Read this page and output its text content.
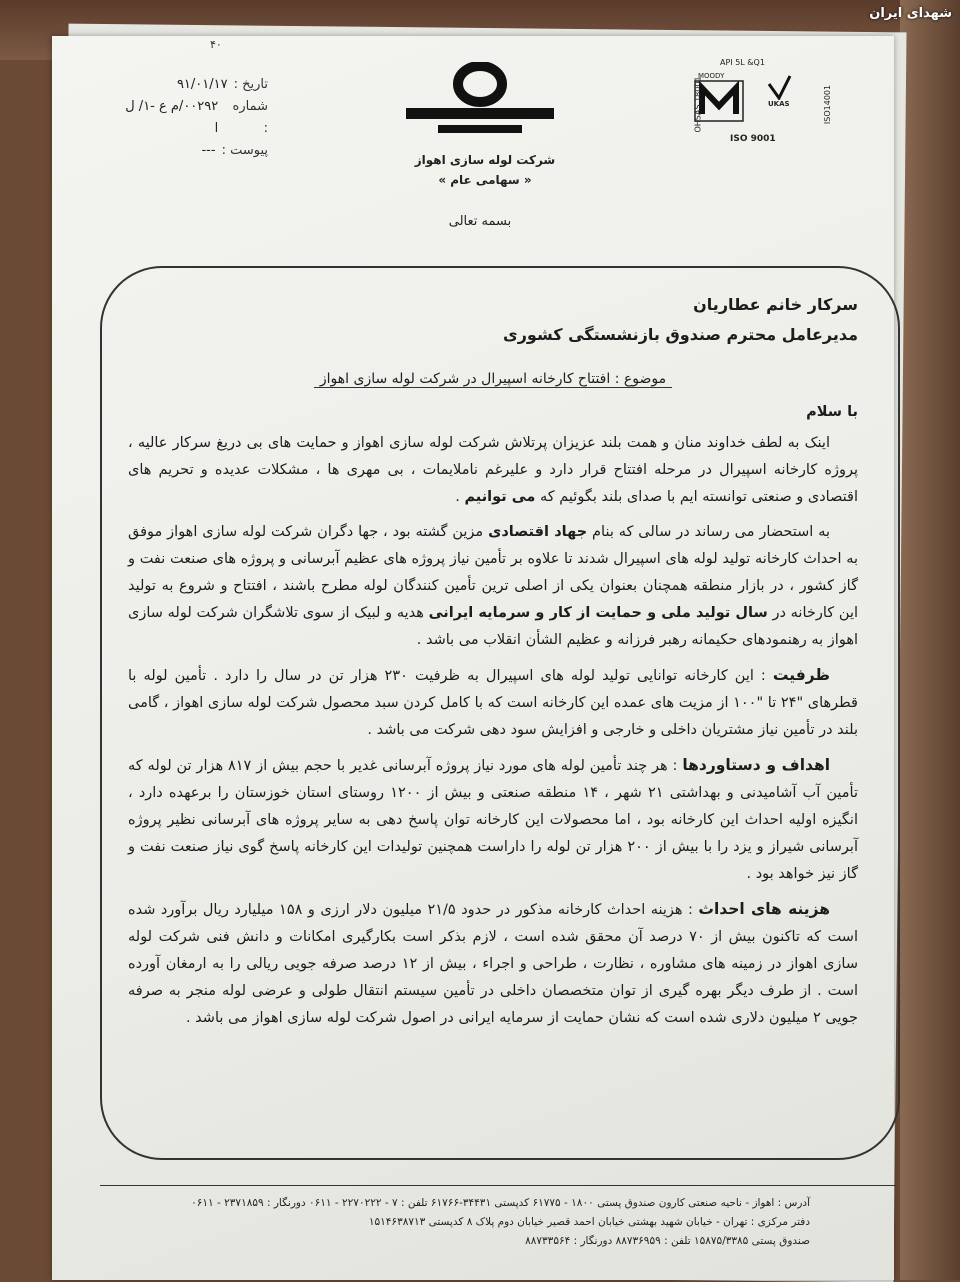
شهدای ایران
۴۰
تاریخ :
۹۱/۰۱/۱۷
شماره :
۰۰۲۹۲/م ع -۱/ ل ا
پیوست :
---
شرکت لوله سازی اهواز
« سهامی عام »
بسمه تعالی
API 5L &Q1
MOODY
UKAS
OHSAS 18001	ISO14001
ISO 9001
سرکار خانم عطاریان
مدیرعامل محترم صندوق بازنشستگی کشوری
موضوع : افتتاح کارخانه اسپیرال در شرکت لوله سازی اهواز
با سلام

اینک به لطف خداوند منان و همت بلند عزیزان پرتلاش شرکت لوله سازی اهواز و حمایت های بی دریغ سرکار عالیه ، پروژه کارخانه اسپیرال در مرحله افتتاح قرار دارد و علیرغم ناملایمات ، بی مهری ها ، مشکلات عدیده و تحریم های اقتصادی و صنعتی توانسته ایم با صدای بلند بگوئیم که می توانیم .

به استحضار می رساند در سالی که بنام جهاد اقتصادی مزین گشته بود ، جها دگران شرکت لوله سازی اهواز موفق به احداث کارخانه تولید لوله های اسپیرال شدند تا علاوه بر تأمین نیاز پروژه های عظیم آبرسانی و پروژه های صنعت نفت و گاز کشور ، در بازار منطقه همچنان بعنوان یکی از اصلی ترین تأمین کنندگان لوله مطرح باشند ، افتتاح و شروع به تولید این کارخانه در سال تولید ملی و حمایت از کار و سرمایه ایرانی هدیه و لبیک از سوی تلاشگران شرکت لوله سازی اهواز به رهنمودهای حکیمانه رهبر فرزانه و عظیم الشأن انقلاب می باشد .

ظرفیت : این کارخانه توانایی تولید لوله های اسپیرال به ظرفیت ۲۳۰ هزار تن در سال را دارد . تأمین لوله با قطرهای "۲۴ تا "۱۰۰ از مزیت های عمده این کارخانه است که با کامل کردن سبد محصول شرکت لوله سازی اهواز ، گامی بلند در تأمین نیاز مشتریان داخلی و خارجی و افزایش سود دهی شرکت می باشد .

اهداف و دستاوردها : هر چند تأمین لوله های مورد نیاز پروژه آبرسانی غدیر با حجم بیش از ۸۱۷ هزار تن لوله که تأمین آب آشامیدنی و بهداشتی ۲۱ شهر ، ۱۴ منطقه صنعتی و بیش از ۱۲۰۰ روستای استان خوزستان را برعهده دارد ، انگیزه اولیه احداث این کارخانه بود ، اما محصولات این کارخانه توان پاسخ دهی به سایر پروژه های آبرسانی نظیر پروژه آبرسانی شیراز و یزد را با بیش از ۲۰۰ هزار تن لوله را داراست همچنین تولیدات این کارخانه پاسخ گوی نیاز صنعت نفت و گاز نیز خواهد بود .

هزینه های احداث : هزینه احداث کارخانه مذکور در حدود ۲۱/۵ میلیون دلار ارزی و ۱۵۸ میلیارد ریال برآورد شده است که تاکنون بیش از ۷۰ درصد آن محقق شده است ، لازم بذکر است بکارگیری امکانات و دانش فنی شرکت لوله سازی اهواز در زمینه های مشاوره ، نظارت ، طراحی و اجراء ، بیش از ۱۲ درصد صرفه جویی ریالی را به ارمغان آورده است . از طرف دیگر بهره گیری از توان متخصصان داخلی در تأمین سیستم انتقال طولی و عرضی لوله منجر به صرفه جویی ۲ میلیون دلاری شده است که نشان حمایت از سرمایه ایرانی در اصول شرکت لوله سازی اهواز می باشد .

آدرس : اهواز - ناحیه صنعتی کارون صندوق پستی ۱۸۰۰ - ۶۱۷۷۵ کدپستی ۳۴۴۳۱-۶۱۷۶۶ تلفن : ۷ - ۲۲۷۰۲۲۲ - ۰۶۱۱ دورنگار : ۲۳۷۱۸۵۹ - ۰۶۱۱
دفتر مرکزی : تهران - خیابان شهید بهشتی خیابان احمد قصیر خیابان دوم پلاک ۸ کدپستی ۱۵۱۴۶۳۸۷۱۳
صندوق پستی ۱۵۸۷۵/۳۳۸۵ تلفن : ۸۸۷۳۶۹۵۹ دورنگار : ۸۸۷۳۳۵۶۴
